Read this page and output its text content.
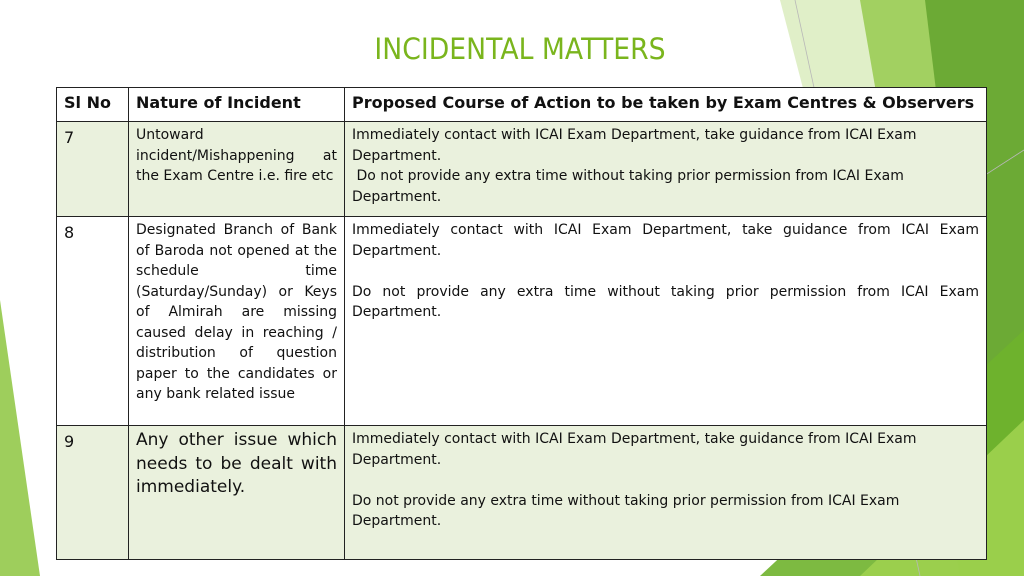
INCIDENTAL MATTERS
Sl No	Nature of Incident	Proposed Course of Action to be taken by Exam Centres & Observers
7	Untoward incident/Mishappening at the Exam Centre i.e. fire etc	Immediately contact with ICAI Exam Department, take guidance from ICAI Exam Department.

Do not provide any extra time without taking prior permission from ICAI Exam Department.

8	Designated Branch of Bank of Baroda not opened at the schedule time (Saturday/Sunday) or Keys of Almirah are missing caused delay in reaching / distribution of question paper to the candidates or any bank related issue	Immediately contact with ICAI Exam Department, take guidance from ICAI Exam Department.

Do not provide any extra time without taking prior permission from ICAI Exam Department.

9	Any other issue which needs to be dealt with immediately.	Immediately contact with ICAI Exam Department, take guidance from ICAI Exam Department.

Do not provide any extra time without taking prior permission from ICAI Exam Department.
